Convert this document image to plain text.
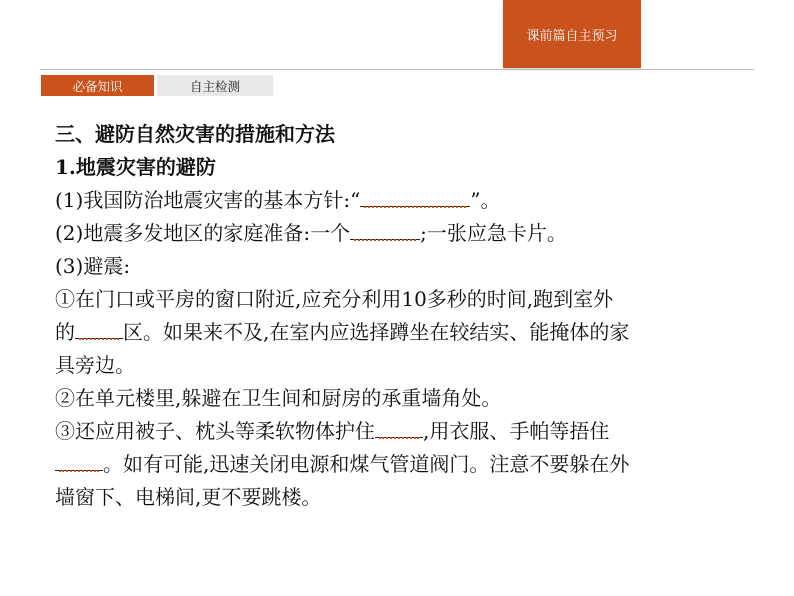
课前篇自主预习
必备知识	自主检测
三、避防自然灾害的措施和方法
1.地震灾害的避防
(1)我国防治地震灾害的基本方针:“	”。
(2)地震多发地区的家庭准备:一个	;一张应急卡片。
(3)避震:
①在门口或平房的窗口附近,应充分利用10多秒的时间,跑到室外
的 区。如果来不及,在室内应选择蹲坐在较结实、能掩体的家
具旁边。
②在单元楼里,躲避在卫生间和厨房的承重墙角处。
③还应用被子、枕头等柔软物体护住 ,用衣服、手帕等捂住
。如有可能,迅速关闭电源和煤气管道阀门。注意不要躲在外
墙窗下、电梯间,更不要跳楼。
